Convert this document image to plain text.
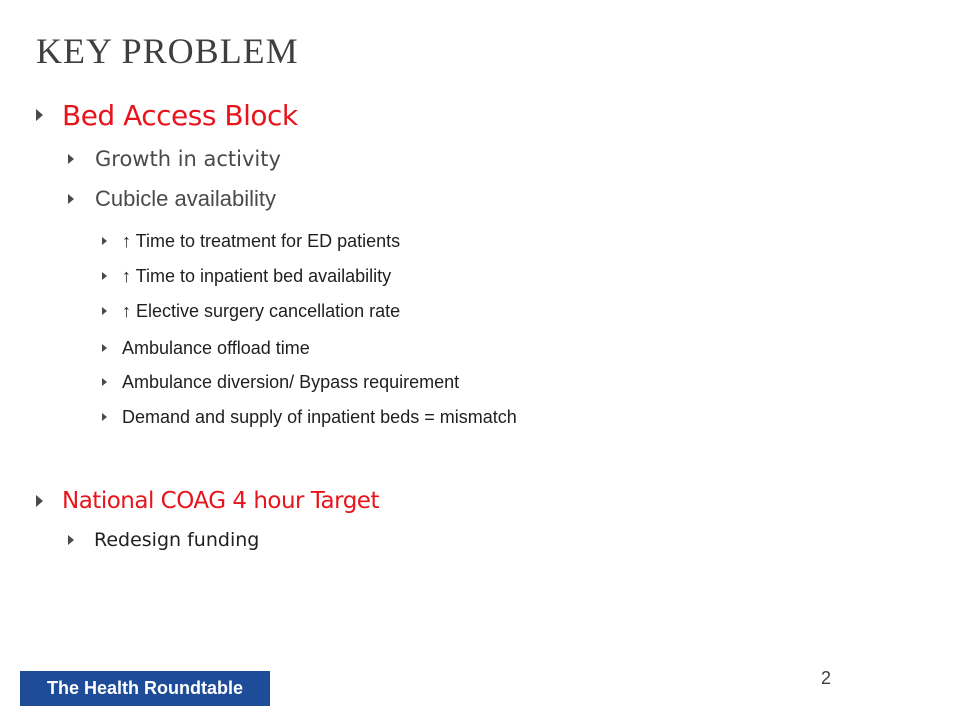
KEY PROBLEM
Bed Access Block
Growth in activity
Cubicle availability
↑ Time to treatment for ED patients
↑ Time to inpatient bed availability
↑ Elective surgery cancellation rate
Ambulance offload time
Ambulance diversion/ Bypass requirement
Demand and supply of inpatient beds = mismatch
National COAG 4 hour Target
Redesign funding
The Health Roundtable	2
